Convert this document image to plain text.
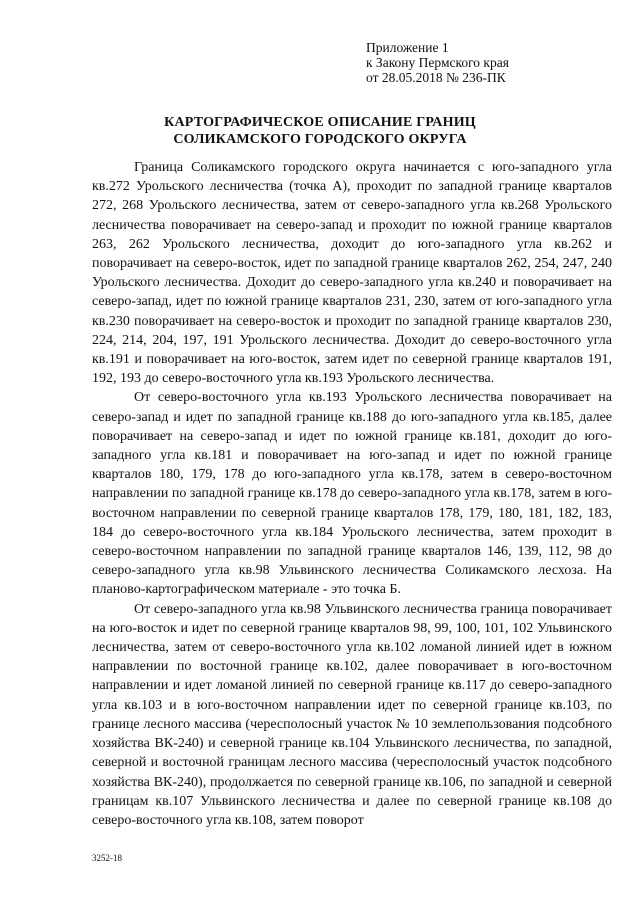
Приложение 1
к Закону Пермского края
от 28.05.2018 № 236-ПК
КАРТОГРАФИЧЕСКОЕ ОПИСАНИЕ ГРАНИЦ
СОЛИКАМСКОГО ГОРОДСКОГО ОКРУГА

Граница Соликамского городского округа начинается с юго-западного угла кв.272 Урольского лесничества (точка А), проходит по западной границе кварталов 272, 268 Урольского лесничества, затем от северо-западного угла кв.268 Урольского лесничества поворачивает на северо-запад и проходит по южной границе кварталов 263, 262 Урольского лесничества, доходит до юго-западного угла кв.262 и поворачивает на северо-восток, идет по западной границе кварталов 262, 254, 247, 240 Урольского лесничества. Доходит до северо-западного угла кв.240 и поворачивает на северо-запад, идет по южной границе кварталов 231, 230, затем от юго-западного угла кв.230 поворачивает на северо-восток и проходит по западной границе кварталов 230, 224, 214, 204, 197, 191 Урольского лесничества. Доходит до северо-восточного угла кв.191 и поворачивает на юго-восток, затем идет по северной границе кварталов 191, 192, 193 до северо-восточного угла кв.193 Урольского лесничества.

От северо-восточного угла кв.193 Урольского лесничества поворачивает на северо-запад и идет по западной границе кв.188 до юго-западного угла кв.185, далее поворачивает на северо-запад и идет по южной границе кв.181, доходит до юго-западного угла кв.181 и поворачивает на юго-запад и идет по южной границе кварталов 180, 179, 178 до юго-западного угла кв.178, затем в северо-восточном направлении по западной границе кв.178 до северо-западного угла кв.178, затем в юго-восточном направлении по северной границе кварталов 178, 179, 180, 181, 182, 183, 184 до северо-восточного угла кв.184 Урольского лесничества, затем проходит в северо-восточном направлении по западной границе кварталов 146, 139, 112, 98 до северо-западного угла кв.98 Ульвинского лесничества Соликамского лесхоза. На планово-картографическом материале - это точка Б.

От северо-западного угла кв.98 Ульвинского лесничества граница поворачивает на юго-восток и идет по северной границе кварталов 98, 99, 100, 101, 102 Ульвинского лесничества, затем от северо-восточного угла кв.102 ломаной линией идет в южном направлении по восточной границе кв.102, далее поворачивает в юго-восточном направлении и идет ломаной линией по северной границе кв.117 до северо-западного угла кв.103 и в юго-восточном направлении идет по северной границе кв.103, по границе лесного массива (чересполосный участок № 10 землепользования подсобного хозяйства ВК-240) и северной границе кв.104 Ульвинского лесничества, по западной, северной и восточной границам лесного массива (чересполосный участок подсобного хозяйства ВК-240), продолжается по северной границе кв.106, по западной и северной границам кв.107 Ульвинского лесничества и далее по северной границе кв.108 до северо-восточного угла кв.108, затем поворот

3252-18
